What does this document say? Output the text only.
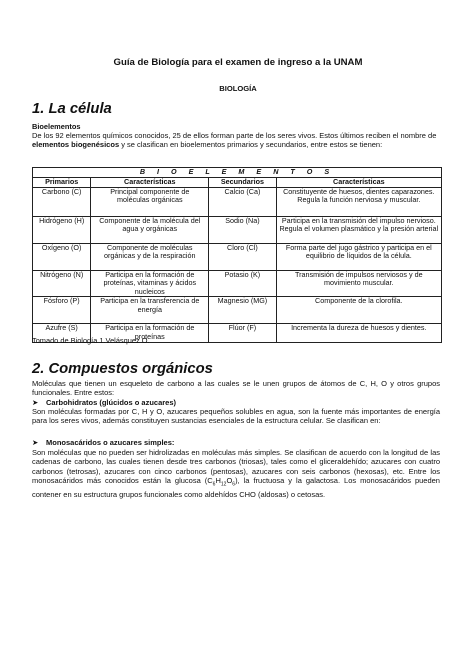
Guía de Biología para el examen de ingreso a la UNAM
BIOLOGÍA
1. La célula
Bioelementos
De los 92 elementos químicos conocidos, 25 de ellos forman parte de los seres vivos. Estos últimos reciben el nombre de elementos biogenésicos y se clasifican en bioelementos primarios y secundarios, entre estos se tienen:
B I O E L E M E N T O S			
Primarios	Características	Secundarios	Características
Carbono (C)	Principal componente de moléculas orgánicas	Calcio (Ca)	Constituyente de huesos, dientes caparazones. Regula la función nerviosa y muscular.
Hidrógeno (H)	Componente de la molécula del agua y orgánicas	Sodio (Na)	Participa en la transmisión del impulso nervioso. Regula el volumen plasmático y la presión arterial
Oxígeno (O)	Componente de moléculas orgánicas y de la respiración	Cloro (Cl)	Forma parte del jugo gástrico y participa en el equilibrio de líquidos de la célula.
Nitrógeno (N)	Participa en la formación de proteínas, vitaminas y ácidos nucleicos	Potasio (K)	Transmisión de impulsos nerviosos y de movimiento muscular.
Fósforo (P)	Participa en la transferencia de energía	Magnesio (MG)	Componente de la clorofila.
Azufre (S)	Participa en la formación de proteínas	Flúor (F)	Incrementa la dureza de huesos y dientes.
Tomado de Biología 1.Velásquez O.
2. Compuestos orgánicos
Moléculas que tienen un esqueleto de carbono a las cuales se le unen grupos de átomos de C, H, O y otros grupos funcionales. Entre estos:
➤ Carbohidratos (glúcidos o azucares)
Son moléculas formadas por C, H y O, azucares pequeños solubles en agua, son la fuente más importantes de energía para los seres vivos, además constituyen sustancias esenciales de la estructura celular. Se clasifican en:
➤ Monosacáridos o azucares simples:
Son moléculas que no pueden ser hidrolizadas en moléculas más simples. Se clasifican de acuerdo con la longitud de las cadenas de carbono, las cuales tienen desde tres carbonos (triosas), tales como el gliceraldehído; azucares con cuatro carbonos (tetrosas), azucares con cinco carbonos (pentosas), azucares con seis carbonos (hexosas), etc. Entre los monosacáridos más conocidos están la glucosa $(C_6H_{12}O_6)$, la fructuosa y la galactosa. Los monosacáridos pueden contener en su estructura grupos funcionales como aldehídos CHO (aldosas) o cetosas.
